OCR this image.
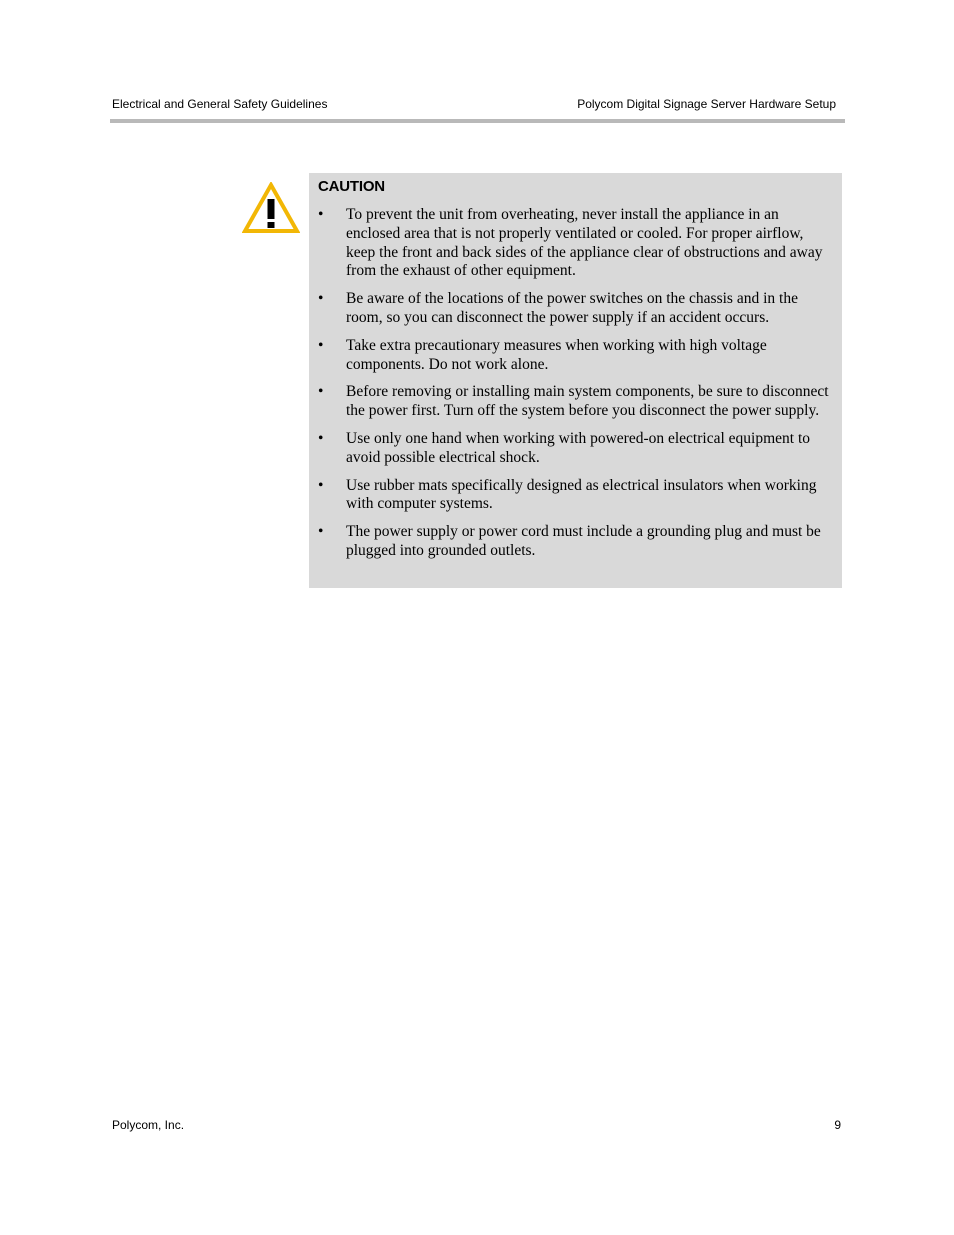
Electrical and General Safety Guidelines	Polycom Digital Signage Server Hardware Setup
CAUTION
• To prevent the unit from overheating, never install the appliance in an enclosed area that is not properly ventilated or cooled. For proper airflow, keep the front and back sides of the appliance clear of obstructions and away from the exhaust of other equipment.
• Be aware of the locations of the power switches on the chassis and in the room, so you can disconnect the power supply if an accident occurs.
• Take extra precautionary measures when working with high voltage components. Do not work alone.
• Before removing or installing main system components, be sure to disconnect the power first. Turn off the system before you disconnect the power supply.
• Use only one hand when working with powered-on electrical equipment to avoid possible electrical shock.
• Use rubber mats specifically designed as electrical insulators when working with computer systems.
• The power supply or power cord must include a grounding plug and must be plugged into grounded outlets.
Polycom, Inc.	9
